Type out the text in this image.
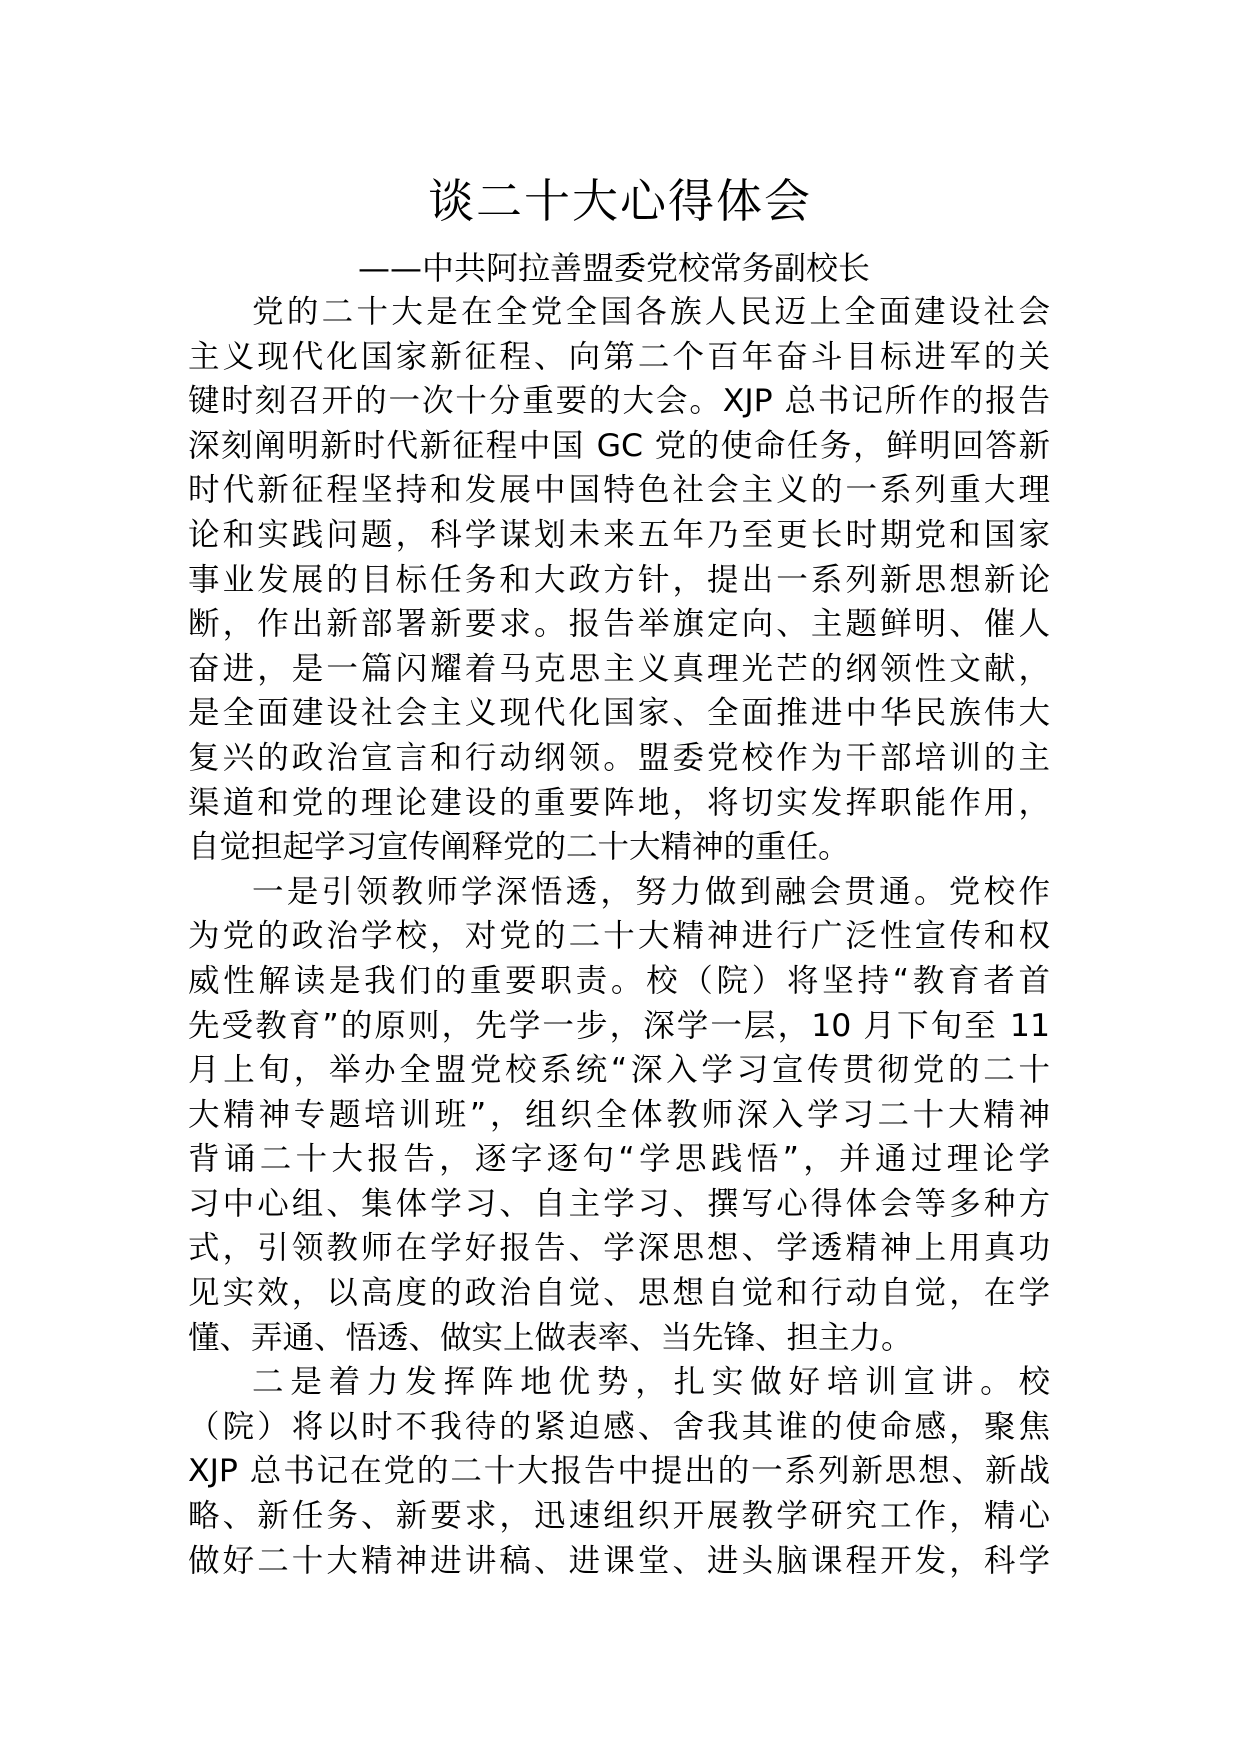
谈二十大心得体会
——中共阿拉善盟委党校常务副校长
党的二十大是在全党全国各族人民迈上全面建设社会
主义现代化国家新征程、向第二个百年奋斗目标进军的关
键时刻召开的一次十分重要的大会。XJP 总书记所作的报告
深刻阐明新时代新征程中国 GC 党的使命任务，鲜明回答新
时代新征程坚持和发展中国特色社会主义的一系列重大理
论和实践问题，科学谋划未来五年乃至更长时期党和国家
事业发展的目标任务和大政方针，提出一系列新思想新论
断，作出新部署新要求。报告举旗定向、主题鲜明、催人
奋进，是一篇闪耀着马克思主义真理光芒的纲领性文献，
是全面建设社会主义现代化国家、全面推进中华民族伟大
复兴的政治宣言和行动纲领。盟委党校作为干部培训的主
渠道和党的理论建设的重要阵地，将切实发挥职能作用，
自觉担起学习宣传阐释党的二十大精神的重任。
一是引领教师学深悟透，努力做到融会贯通。党校作
为党的政治学校，对党的二十大精神进行广泛性宣传和权
威性解读是我们的重要职责。校（院）将坚持“教育者首
先受教育”的原则，先学一步，深学一层，10 月下旬至 11
月上旬，举办全盟党校系统“深入学习宣传贯彻党的二十
大精神专题培训班”，组织全体教师深入学习二十大精神
背诵二十大报告，逐字逐句“学思践悟”，并通过理论学
习中心组、集体学习、自主学习、撰写心得体会等多种方
式，引领教师在学好报告、学深思想、学透精神上用真功
见实效，以高度的政治自觉、思想自觉和行动自觉，在学
懂、弄通、悟透、做实上做表率、当先锋、担主力。
二是着力发挥阵地优势，扎实做好培训宣讲。校
（院）将以时不我待的紧迫感、舍我其谁的使命感，聚焦
XJP 总书记在党的二十大报告中提出的一系列新思想、新战
略、新任务、新要求，迅速组织开展教学研究工作，精心
做好二十大精神进讲稿、进课堂、进头脑课程开发，科学
